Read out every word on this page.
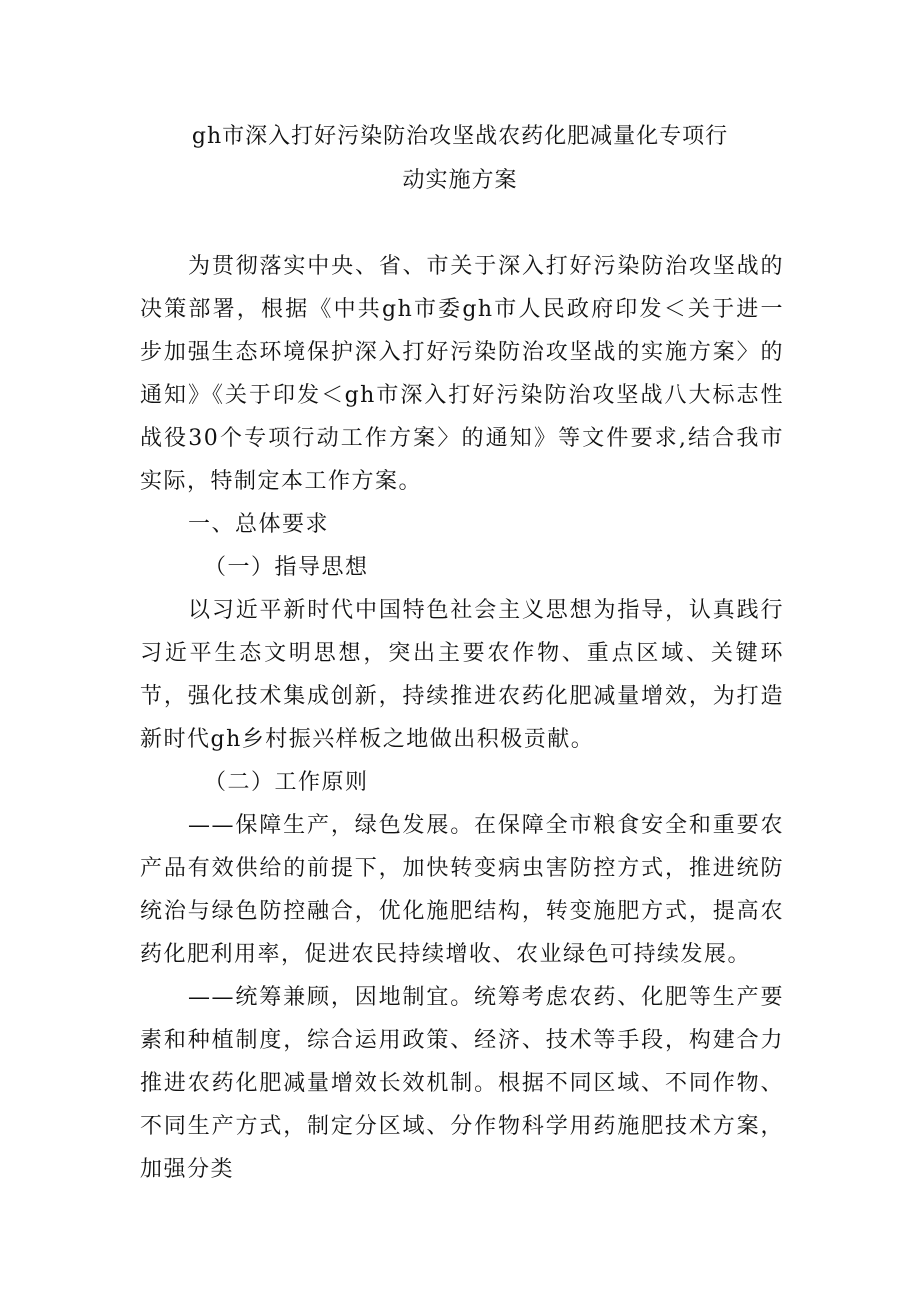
gh市深入打好污染防治攻坚战农药化肥减量化专项行
动实施方案

为贯彻落实中央、省、市关于深入打好污染防治攻坚战的决策部署，根据《中共gh市委gh市人民政府印发＜关于进一步加强生态环境保护深入打好污染防治攻坚战的实施方案〉的通知》《关于印发＜gh市深入打好污染防治攻坚战八大标志性战役30个专项行动工作方案〉的通知》等文件要求,结合我市实际，特制定本工作方案。

一、总体要求

（一）指导思想

以习近平新时代中国特色社会主义思想为指导，认真践行习近平生态文明思想，突出主要农作物、重点区域、关键环节，强化技术集成创新，持续推进农药化肥减量增效，为打造新时代gh乡村振兴样板之地做出积极贡献。

（二）工作原则

——保障生产，绿色发展。在保障全市粮食安全和重要农产品有效供给的前提下，加快转变病虫害防控方式，推进统防统治与绿色防控融合，优化施肥结构，转变施肥方式，提高农药化肥利用率，促进农民持续增收、农业绿色可持续发展。

——统筹兼顾，因地制宜。统筹考虑农药、化肥等生产要素和种植制度，综合运用政策、经济、技术等手段，构建合力推进农药化肥减量增效长效机制。根据不同区域、不同作物、不同生产方式，制定分区域、分作物科学用药施肥技术方案，加强分类
